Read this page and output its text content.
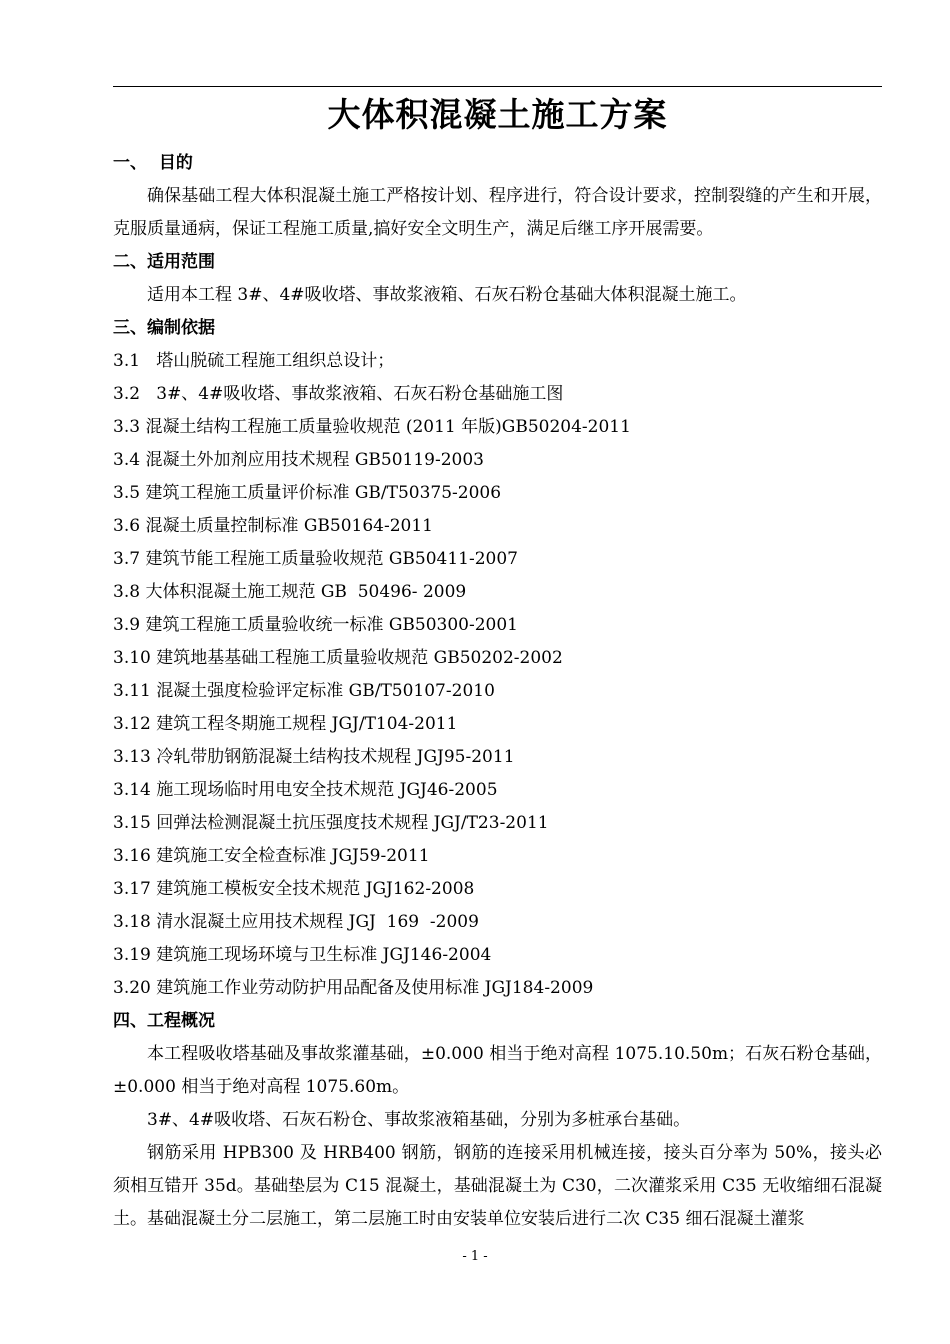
大体积混凝土施工方案
一、  目的

确保基础工程大体积混凝土施工严格按计划、程序进行，符合设计要求，控制裂缝的产生和开展，克服质量通病，保证工程施工质量,搞好安全文明生产，满足后继工序开展需要。

二、适用范围

适用本工程 3#、4#吸收塔、事故浆液箱、石灰石粉仓基础大体积混凝土施工。

三、编制依据
3.1   塔山脱硫工程施工组织总设计；
3.2   3#、4#吸收塔、事故浆液箱、石灰石粉仓基础施工图
3.3 混凝土结构工程施工质量验收规范 (2011 年版)GB50204-2011
3.4 混凝土外加剂应用技术规程 GB50119-2003
3.5 建筑工程施工质量评价标准 GB/T50375-2006
3.6 混凝土质量控制标准 GB50164-2011
3.7 建筑节能工程施工质量验收规范 GB50411-2007
3.8 大体积混凝土施工规范 GB  50496- 2009
3.9 建筑工程施工质量验收统一标准 GB50300-2001
3.10 建筑地基基础工程施工质量验收规范 GB50202-2002
3.11 混凝土强度检验评定标准 GB/T50107-2010
3.12 建筑工程冬期施工规程 JGJ/T104-2011
3.13 冷轧带肋钢筋混凝土结构技术规程 JGJ95-2011
3.14 施工现场临时用电安全技术规范 JGJ46-2005
3.15 回弹法检测混凝土抗压强度技术规程 JGJ/T23-2011
3.16 建筑施工安全检查标准 JGJ59-2011
3.17 建筑施工模板安全技术规范 JGJ162-2008
3.18 清水混凝土应用技术规程 JGJ  169  -2009
3.19 建筑施工现场环境与卫生标准 JGJ146-2004
3.20 建筑施工作业劳动防护用品配备及使用标准 JGJ184-2009
四、工程概况

本工程吸收塔基础及事故浆灌基础，±0.000 相当于绝对高程 1075.10.50m；石灰石粉仓基础，±0.000 相当于绝对高程 1075.60m。

3#、4#吸收塔、石灰石粉仓、事故浆液箱基础，分别为多桩承台基础。

钢筋采用 HPB300 及 HRB400 钢筋，钢筋的连接采用机械连接，接头百分率为 50%，接头必须相互错开 35d。基础垫层为 C15 混凝土，基础混凝土为 C30，二次灌浆采用 C35 无收缩细石混凝土。基础混凝土分二层施工，第二层施工时由安装单位安装后进行二次 C35 细石混凝土灌浆

- 1 -
